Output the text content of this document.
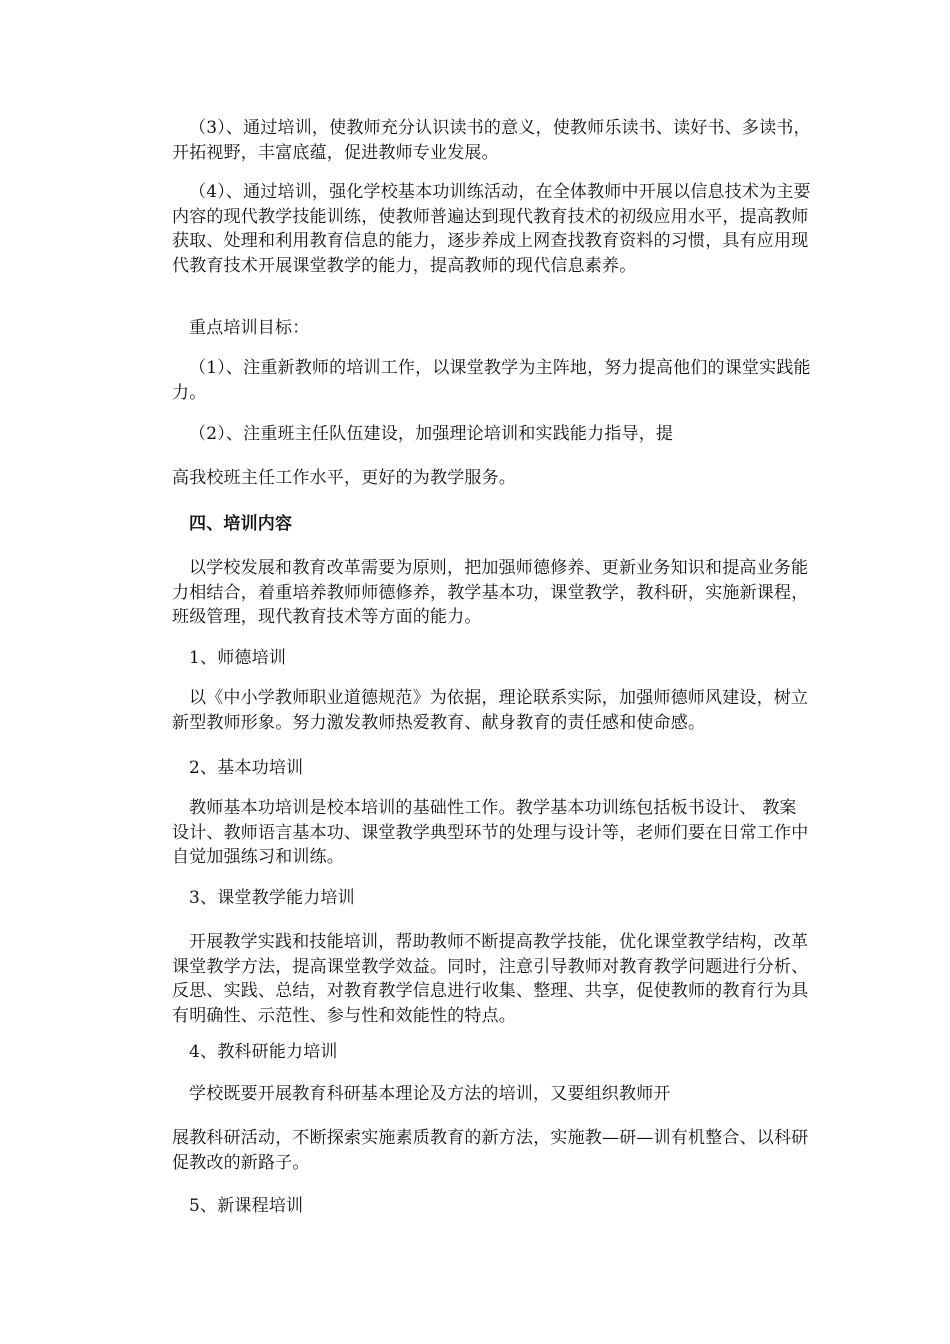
（3）、通过培训，使教师充分认识读书的意义，使教师乐读书、读好书、多读书，开拓视野，丰富底蕴，促进教师专业发展。

（4）、通过培训，强化学校基本功训练活动，在全体教师中开展以信息技术为主要内容的现代教学技能训练，使教师普遍达到现代教育技术的初级应用水平，提高教师获取、处理和利用教育信息的能力，逐步养成上网查找教育资料的习惯，具有应用现代教育技术开展课堂教学的能力，提高教师的现代信息素养。

重点培训目标：

（1）、注重新教师的培训工作，以课堂教学为主阵地，努力提高他们的课堂实践能力。

（2）、注重班主任队伍建设，加强理论培训和实践能力指导，提

高我校班主任工作水平，更好的为教学服务。

四、培训内容

以学校发展和教育改革需要为原则，把加强师德修养、更新业务知识和提高业务能力相结合，着重培养教师师德修养，教学基本功，课堂教学，教科研，实施新课程，班级管理，现代教育技术等方面的能力。

1、师德培训

以《中小学教师职业道德规范》为依据，理论联系实际，加强师德师风建设，树立新型教师形象。努力激发教师热爱教育、献身教育的责任感和使命感。

2、基本功培训

教师基本功培训是校本培训的基础性工作。教学基本功训练包括板书设计、 教案 设计、教师语言基本功、课堂教学典型环节的处理与设计等，老师们要在日常工作中自觉加强练习和训练。

3、课堂教学能力培训

开展教学实践和技能培训，帮助教师不断提高教学技能，优化课堂教学结构，改革课堂教学方法，提高课堂教学效益。同时，注意引导教师对教育教学问题进行分析、反思、实践、总结，对教育教学信息进行收集、整理、共享，促使教师的教育行为具有明确性、示范性、参与性和效能性的特点。

4、教科研能力培训

学校既要开展教育科研基本理论及方法的培训，又要组织教师开

展教科研活动，不断探索实施素质教育的新方法，实施教—研—训有机整合、以科研促教改的新路子。

5、新课程培训
